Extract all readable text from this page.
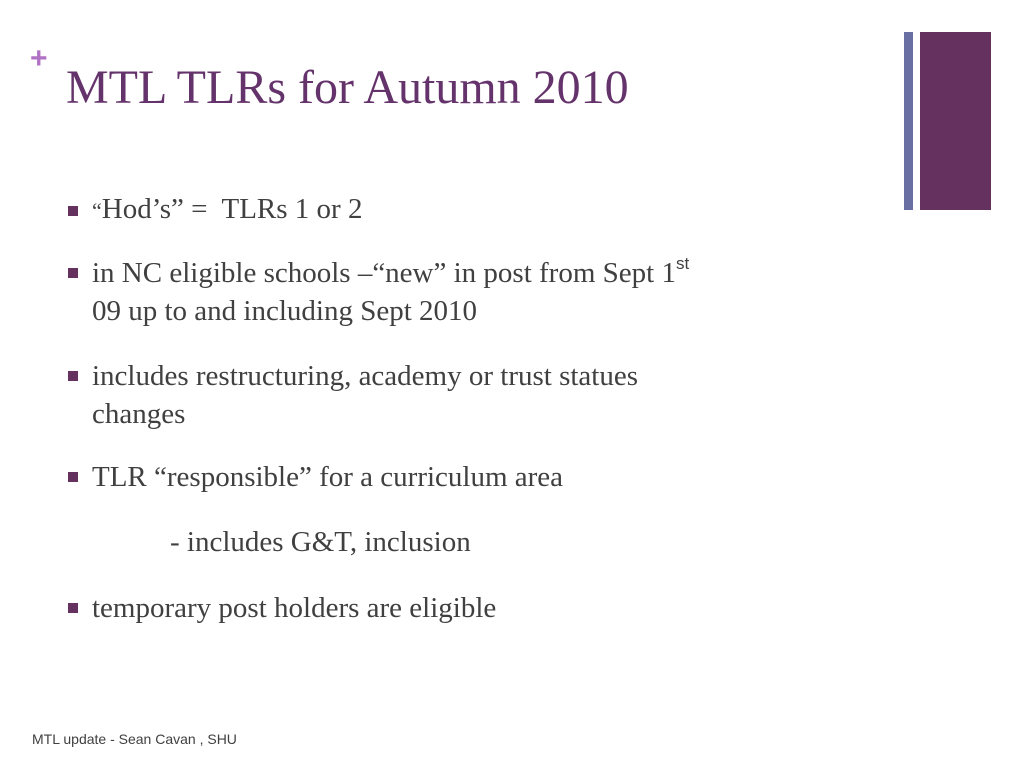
+
MTL TLRs for Autumn 2010
“Hod’s” =  TLRs 1 or 2
in NC eligible schools –“new” in post from Sept 1st
09 up to and including Sept 2010
includes restructuring, academy or trust statues
changes
TLR “responsible” for a curriculum area
- includes G&T, inclusion
temporary post holders are eligible
MTL update - Sean Cavan , SHU
